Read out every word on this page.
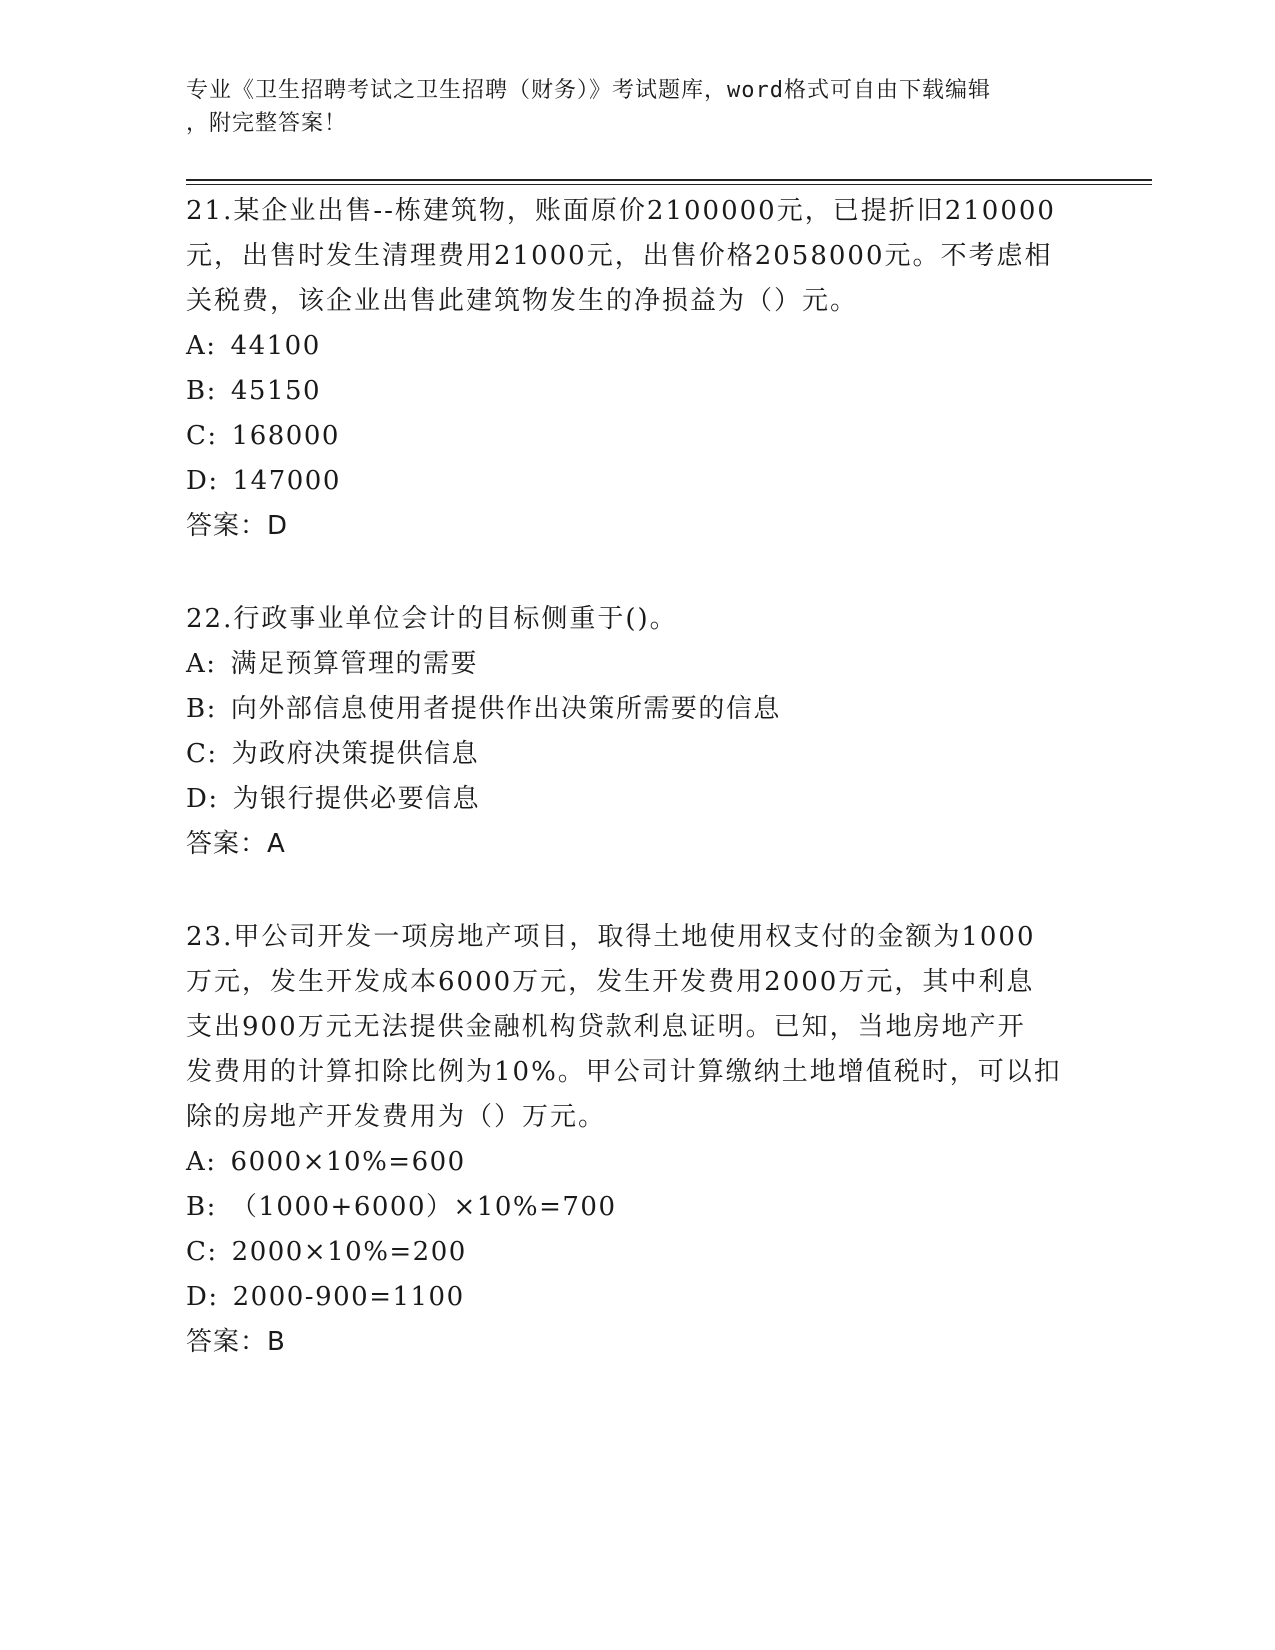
专业《卫生招聘考试之卫生招聘（财务）》考试题库，word格式可自由下载编辑
，附完整答案！

21.某企业出售--栋建筑物，账面原价2100000元，已提折旧210000

元，出售时发生清理费用21000元，出售价格2058000元。不考虑相

关税费，该企业出售此建筑物发生的净损益为（）元。

A: 44100

B: 45150

C: 168000

D: 147000

答案：D

22.行政事业单位会计的目标侧重于()。

A: 满足预算管理的需要

B: 向外部信息使用者提供作出决策所需要的信息

C: 为政府决策提供信息

D: 为银行提供必要信息

答案：A

23.甲公司开发一项房地产项目，取得土地使用权支付的金额为1000

万元，发生开发成本6000万元，发生开发费用2000万元，其中利息

支出900万元无法提供金融机构贷款利息证明。已知，当地房地产开

发费用的计算扣除比例为10%。甲公司计算缴纳土地增值税时，可以扣

除的房地产开发费用为（）万元。

A: 6000×10%=600

B: （1000+6000）×10%=700

C: 2000×10%=200

D: 2000-900=1100

答案：B
